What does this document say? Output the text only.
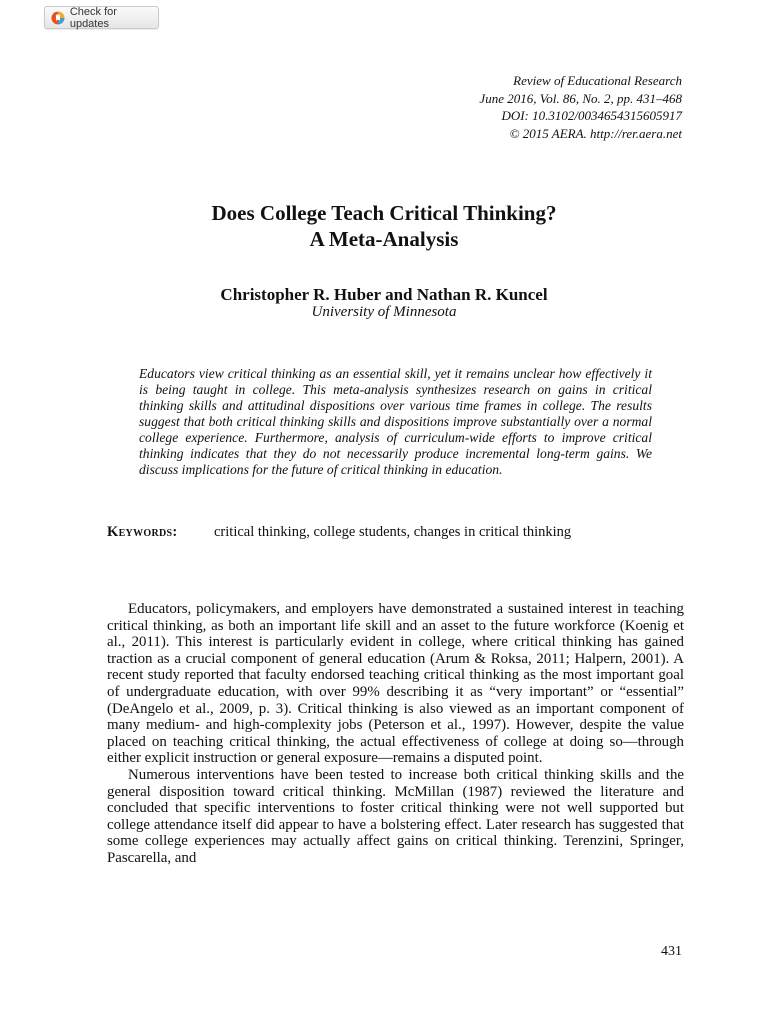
Check for updates
Review of Educational Research
June 2016, Vol. 86, No. 2, pp. 431–468
DOI: 10.3102/0034654315605917
© 2015 AERA. http://rer.aera.net
Does College Teach Critical Thinking?
A Meta-Analysis
Christopher R. Huber and Nathan R. Kuncel
University of Minnesota
Educators view critical thinking as an essential skill, yet it remains unclear how effectively it is being taught in college. This meta-analysis synthesizes research on gains in critical thinking skills and attitudinal dispositions over various time frames in college. The results suggest that both critical thinking skills and dispositions improve substantially over a normal college experience. Furthermore, analysis of curriculum-wide efforts to improve critical thinking indicates that they do not necessarily produce incremental long-term gains. We discuss implications for the future of critical thinking in education.
Keywords:	critical thinking, college students, changes in critical thinking

Educators, policymakers, and employers have demonstrated a sustained interest in teaching critical thinking, as both an important life skill and an asset to the future workforce (Koenig et al., 2011). This interest is particularly evident in college, where critical thinking has gained traction as a crucial component of general education (Arum & Roksa, 2011; Halpern, 2001). A recent study reported that faculty endorsed teaching critical thinking as the most important goal of undergraduate education, with over 99% describing it as “very important” or “essential” (DeAngelo et al., 2009, p. 3). Critical thinking is also viewed as an important component of many medium- and high-complexity jobs (Peterson et al., 1997). However, despite the value placed on teaching critical thinking, the actual effectiveness of college at doing so—through either explicit instruction or general exposure—remains a disputed point.

Numerous interventions have been tested to increase both critical thinking skills and the general disposition toward critical thinking. McMillan (1987) reviewed the literature and concluded that specific interventions to foster critical thinking were not well supported but college attendance itself did appear to have a bolstering effect. Later research has suggested that some college experiences may actually affect gains on critical thinking. Terenzini, Springer, Pascarella, and

431
